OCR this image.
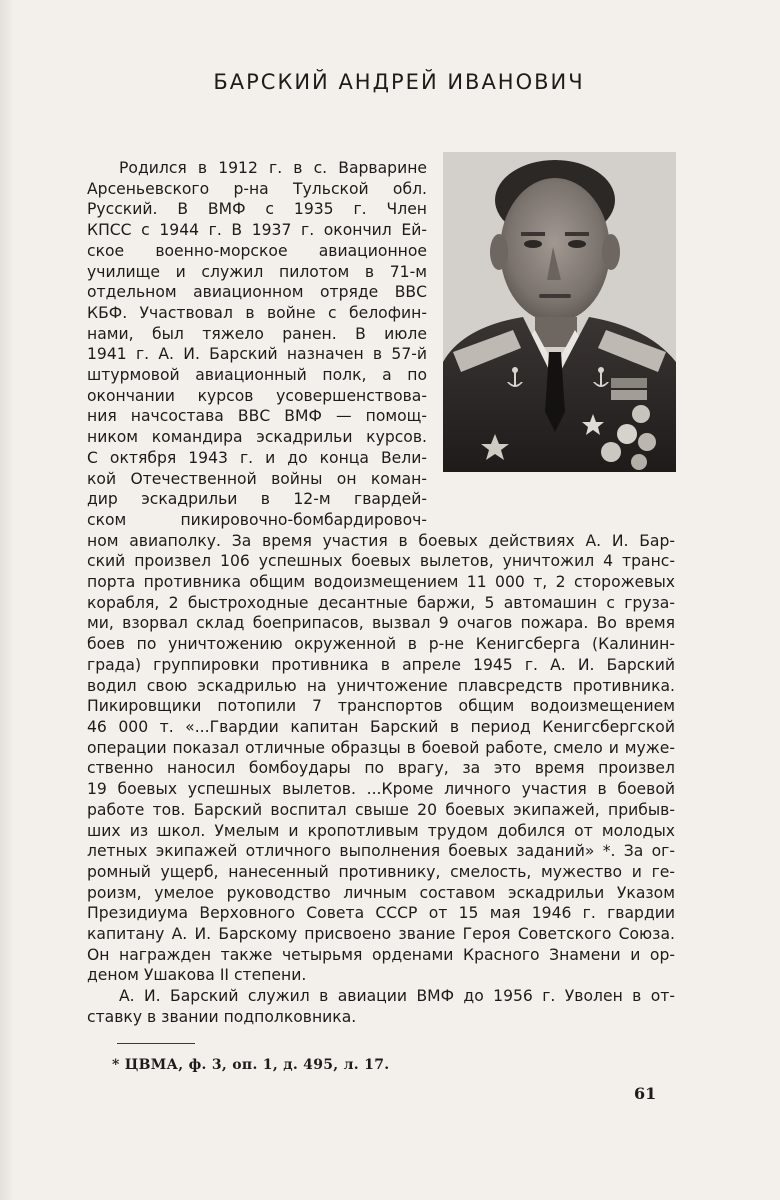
БАРСКИЙ АНДРЕЙ ИВАНОВИЧ
Родился в 1912 г. в с. Варварине
Арсеньевского р-на Тульской обл.
Русский. В ВМФ с 1935 г. Член
КПСС с 1944 г. В 1937 г. окончил Ей-
ское военно-морское авиационное
училище и служил пилотом в 71-м
отдельном авиационном отряде ВВС
КБФ. Участвовал в войне с белофин-
нами, был тяжело ранен. В июле
1941 г. А. И. Барский назначен в 57-й
штурмовой авиационный полк, а по
окончании курсов усовершенствова-
ния начсостава ВВС ВМФ — помощ-
ником командира эскадрильи курсов.
С октября 1943 г. и до конца Вели-
кой Отечественной войны он коман-
дир эскадрильи в 12-м гвардей-
ском пикировочно-бомбардировоч-
ном авиаполку. За время участия в боевых действиях А. И. Бар-
ский произвел 106 успешных боевых вылетов, уничтожил 4 транс-
порта противника общим водоизмещением 11 000 т, 2 сторожевых
корабля, 2 быстроходные десантные баржи, 5 автомашин с груза-
ми, взорвал склад боеприпасов, вызвал 9 очагов пожара. Во время
боев по уничтожению окруженной в р-не Кенигсберга (Калинин-
града) группировки противника в апреле 1945 г. А. И. Барский
водил свою эскадрилью на уничтожение плавсредств противника.
Пикировщики потопили 7 транспортов общим водоизмещением
46 000 т. «...Гвардии капитан Барский в период Кенигсбергской
операции показал отличные образцы в боевой работе, смело и муже-
ственно наносил бомбоудары по врагу, за это время произвел
19 боевых успешных вылетов. ...Кроме личного участия в боевой
работе тов. Барский воспитал свыше 20 боевых экипажей, прибыв-
ших из школ. Умелым и кропотливым трудом добился от молодых
летных экипажей отличного выполнения боевых заданий» *. За ог-
ромный ущерб, нанесенный противнику, смелость, мужество и ге-
роизм, умелое руководство личным составом эскадрильи Указом
Президиума Верховного Совета СССР от 15 мая 1946 г. гвардии
капитану А. И. Барскому присвоено звание Героя Советского Союза.
Он награжден также четырьмя орденами Красного Знамени и ор-
деном Ушакова II степени.
А. И. Барский служил в авиации ВМФ до 1956 г. Уволен в от-
ставку в звании подполковника.
* ЦВМА, ф. 3, оп. 1, д. 495, л. 17.
61
